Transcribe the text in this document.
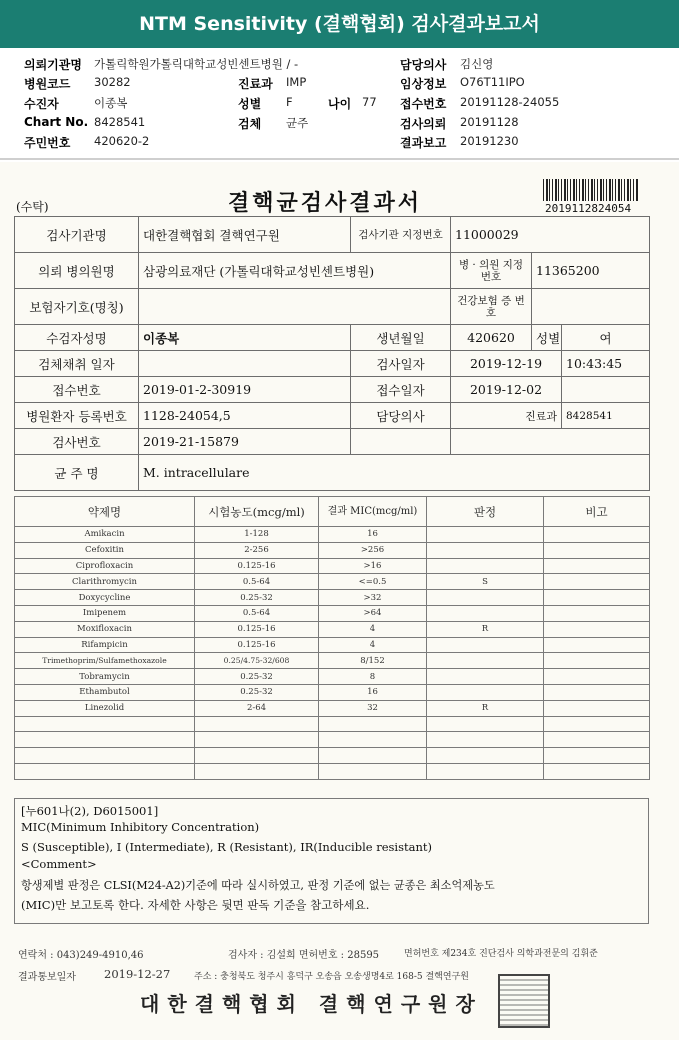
NTM Sensitivity (결핵협회) 검사결과보고서
의뢰기관명 가톨릭학원가톨릭대학교성빈센트병원 / -	담당의사 김신영
병원코드 30282	진료과 IMP	임상정보 O76T11IPO
수진자	이종복	성별 F	나이 77 접수번호 20191128-24055
Chart No. 8428541	검체 균주	검사의뢰 20191128
주민번호 420620-2	결과보고 20191230
(수탁)	결핵균검사결과서	2019112824054
검사기관명	대한결핵협회 결핵연구원	검사기관 지정번호	11000029		
의뢰 병의원명	삼광의료재단 (가톨릭대학교성빈센트병원)		병 · 의원 지정번호	11365200	
보험자기호(명칭)			건강보험 증 번 호		
수검자성명	이종복	생년월일	420620	성별	여
검체채취 일자		검사일자	2019-12-19		10:43:45
접수번호	2019-01-2-30919	접수일자	2019-12-02		
병원환자 등록번호	1128-24054,5	담당의사	진료과		8428541
검사번호	2019-21-15879				
균 주 명	M. intracellulare				
약제명	시험농도(mcg/ml)	결과 MIC(mcg/ml)	판정	비고
Amikacin	1-128	16		
Cefoxitin	2-256	>256		
Ciprofloxacin	0.125-16	>16		
Clarithromycin	0.5-64	<=0.5	S	
Doxycycline	0.25-32	>32		
Imipenem	0.5-64	>64		
Moxifloxacin	0.125-16	4	R	
Rifampicin	0.125-16	4		
Trimethoprim/Sulfamethoxazole	0.25/4.75-32/608	8/152		
Tobramycin	0.25-32	8		
Ethambutol	0.25-32	16		
Linezolid	2-64	32	R	

[누601나(2), D6015001]
MIC(Minimum Inhibitory Concentration)
S (Susceptible), I (Intermediate), R (Resistant), IR(Inducible resistant)
<Comment>
항생제별 판정은 CLSI(M24-A2)기준에 따라 실시하였고, 판정 기준에 없는 균종은 최소억제농도
(MIC)만 보고토록 한다. 자세한 사항은 뒷면 판독 기준을 참고하세요.
연락처 : 043)249-4910,46	검사자 : 김설희 면허번호 : 28595	면허번호 제234호 진단검사 의학과전문의 김휘준
결과통보일자 2019-12-27	주소 : 충청북도 청주시 흥덕구 오송읍 오송생명4로 168-5 결핵연구원
대한결핵협회 결핵연구원장
